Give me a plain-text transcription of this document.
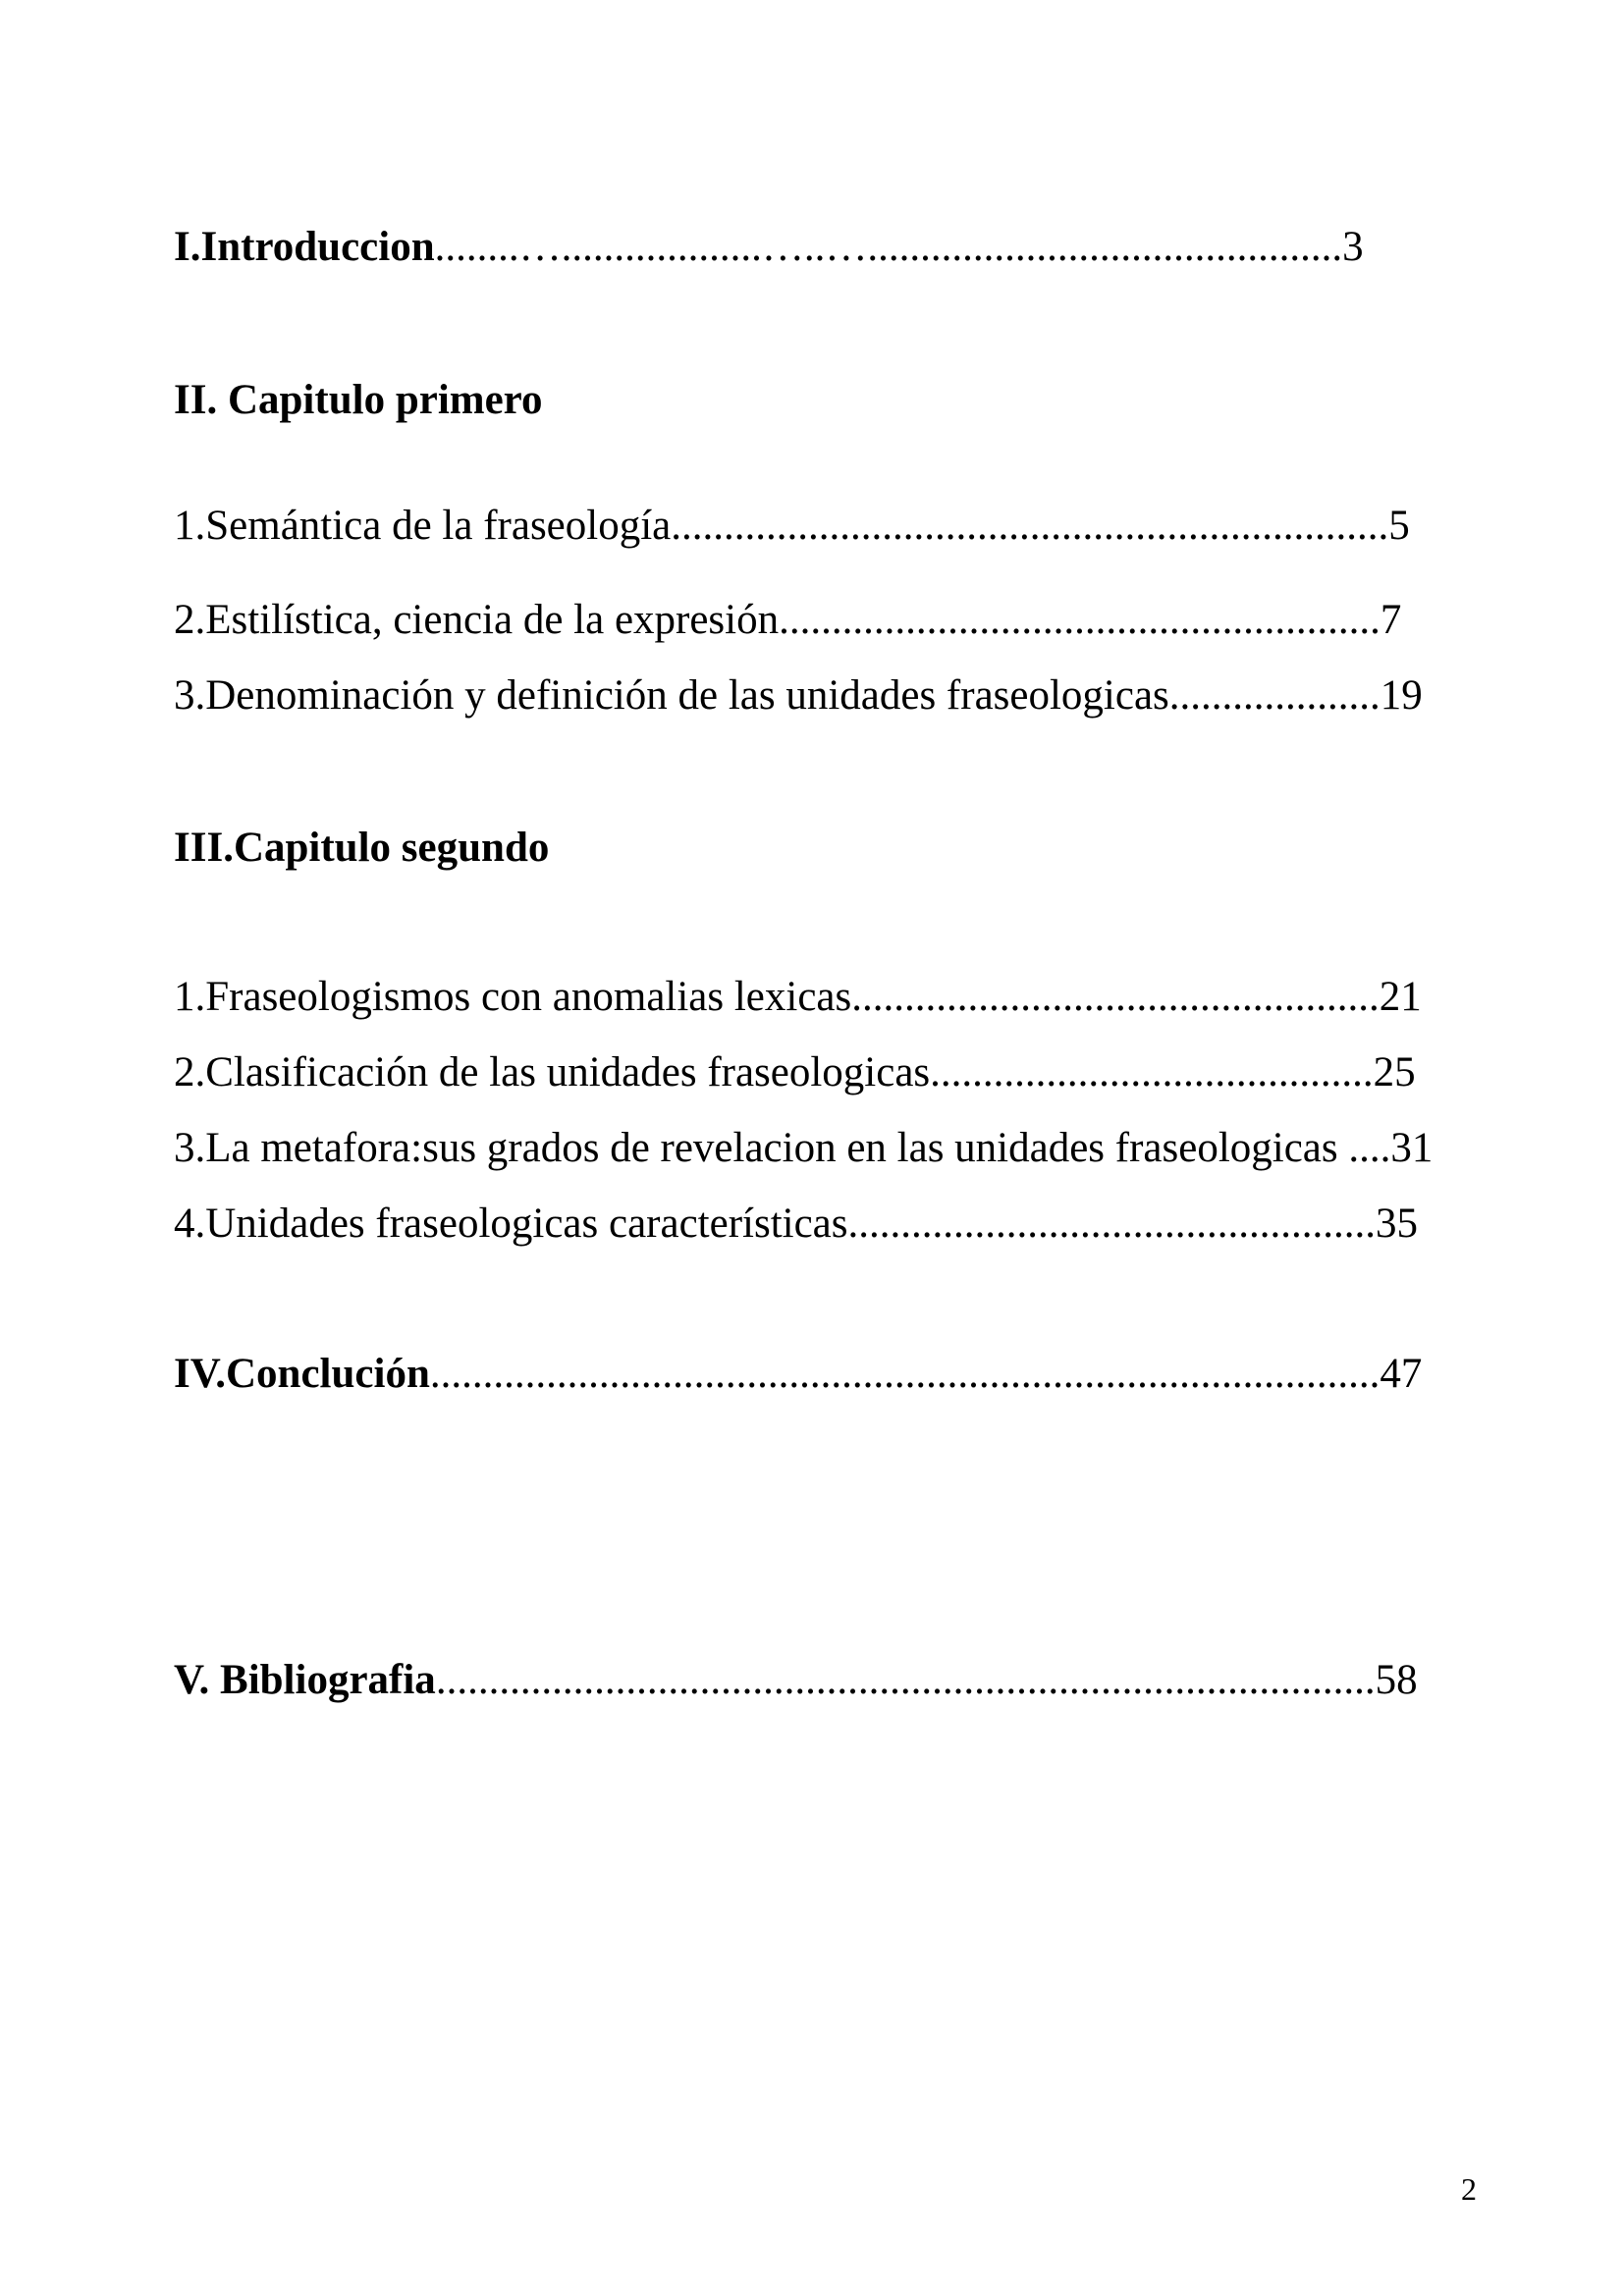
I.Introduccion........…...................…..….............................................3
II. Capitulo primero
1.Semántica de la fraseología....................................................................5
2.Estilística, ciencia de la expresión.........................................................7
3.Denominación y definición de las unidades fraseologicas....................19
III.Capitulo segundo
1.Fraseologismos con anomalias lexicas..................................................21
2.Clasificación de las unidades fraseologicas..........................................25
3.La metafora:sus grados de revelacion en las unidades fraseologicas ....31
4.Unidades fraseologicas características..................................................35
IV.Conclución..........................................................................................47
V. Bibliografia.........................................................................................58
2
